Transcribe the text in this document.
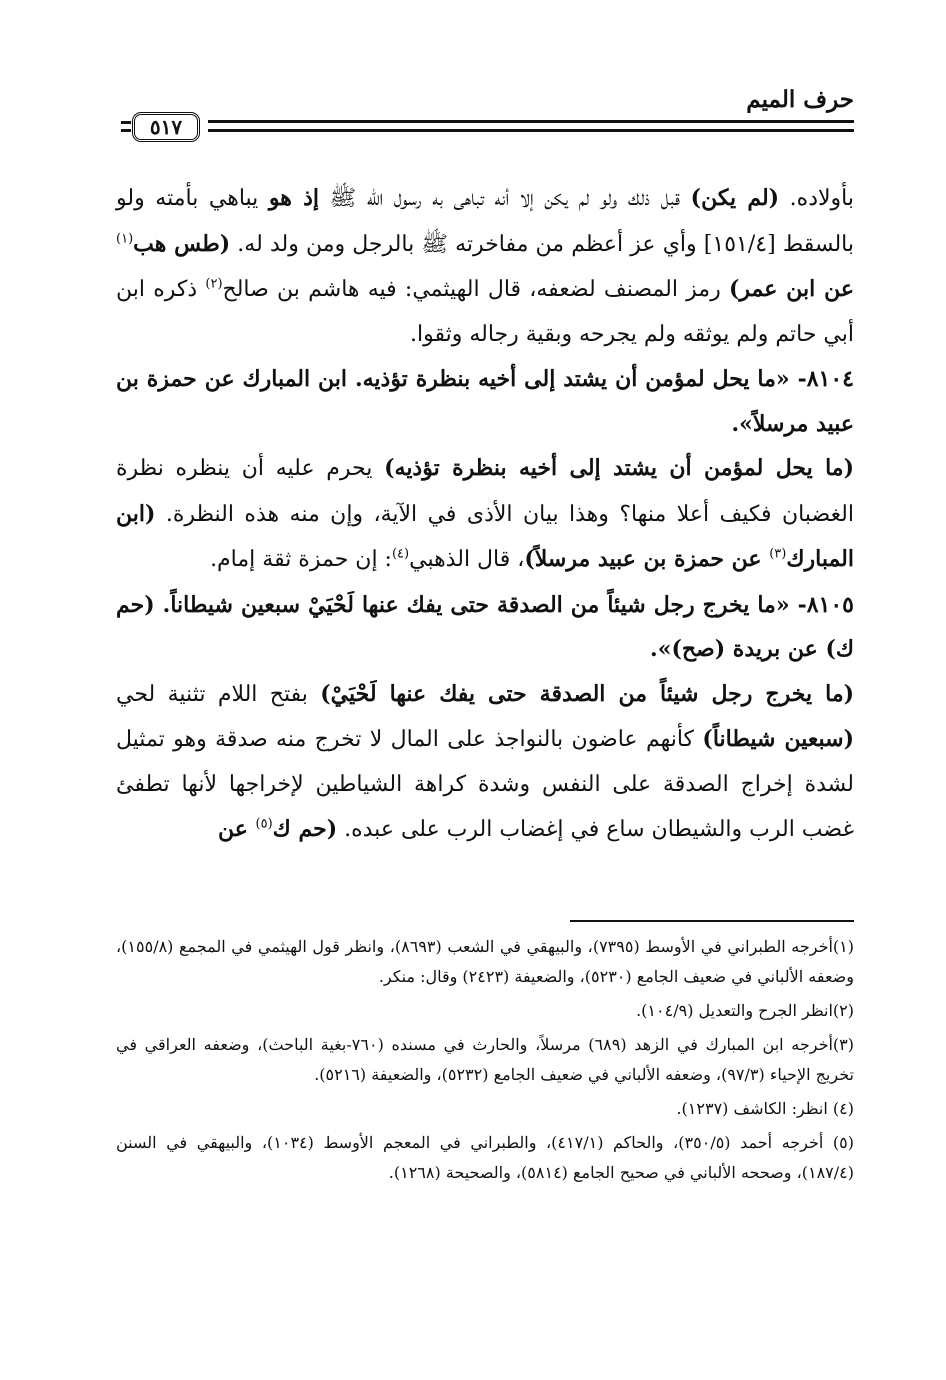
حرف الميم
٥١٧

بأولاده. (لم يكن) قبل ذلك ولو لم يكن إلا أنه تباهى به رسول الله ﷺ إذ هو يباهي بأمته ولو بالسقط [١٥١/٤] وأي عز أعظم من مفاخرته ﷺ بالرجل ومن ولد له. (طس هب$^{(١)}$ عن ابن عمر) رمز المصنف لضعفه، قال الهيثمي: فيه هاشم بن صالح$^{(٢)}$ ذكره ابن أبي حاتم ولم يوثقه ولم يجرحه وبقية رجاله وثقوا.

٨١٠٤- «ما يحل لمؤمن أن يشتد إلى أخيه بنظرة تؤذيه. ابن المبارك عن حمزة بن عبيد مرسلاً».

(ما يحل لمؤمن أن يشتد إلى أخيه بنظرة تؤذيه) يحرم عليه أن ينظره نظرة الغضبان فكيف أعلا منها؟ وهذا بيان الأذى في الآية، وإن منه هذه النظرة. (ابن المبارك$^{(٣)}$ عن حمزة بن عبيد مرسلاً)، قال الذهبي$^{(٤)}$: إن حمزة ثقة إمام.

٨١٠٥- «ما يخرج رجل شيئاً من الصدقة حتى يفك عنها لَحْيَيْ سبعين شيطاناً. (حم ك) عن بريدة (صح)».

(ما يخرج رجل شيئاً من الصدقة حتى يفك عنها لَحْيَيْ) بفتح اللام تثنية لحي (سبعين شيطاناً) كأنهم عاضون بالنواجذ على المال لا تخرج منه صدقة وهو تمثيل لشدة إخراج الصدقة على النفس وشدة كراهة الشياطين لإخراجها لأنها تطفئ غضب الرب والشيطان ساع في إغضاب الرب على عبده. (حم ك$^{(٥)}$ عن

(١)أخرجه الطبراني في الأوسط (٧٣٩٥)، والبيهقي في الشعب (٨٦٩٣)، وانظر قول الهيثمي في المجمع (١٥٥/٨)، وضعفه الألباني في ضعيف الجامع (٥٢٣٠)، والضعيفة (٢٤٢٣) وقال: منكر.

(٢)انظر الجرح والتعديل (١٠٤/٩).

(٣)أخرجه ابن المبارك في الزهد (٦٨٩) مرسلاً، والحارث في مسنده (٧٦٠-بغية الباحث)، وضعفه العراقي في تخريج الإحياء (٩٧/٣)، وضعفه الألباني في ضعيف الجامع (٥٢٣٢)، والضعيفة (٥٢١٦).

(٤) انظر: الكاشف (١٢٣٧).

(٥) أخرجه أحمد (٣٥٠/٥)، والحاكم (٤١٧/١)، والطبراني في المعجم الأوسط (١٠٣٤)، والبيهقي في السنن (١٨٧/٤)، وصححه الألباني في صحيح الجامع (٥٨١٤)، والصحيحة (١٢٦٨).
